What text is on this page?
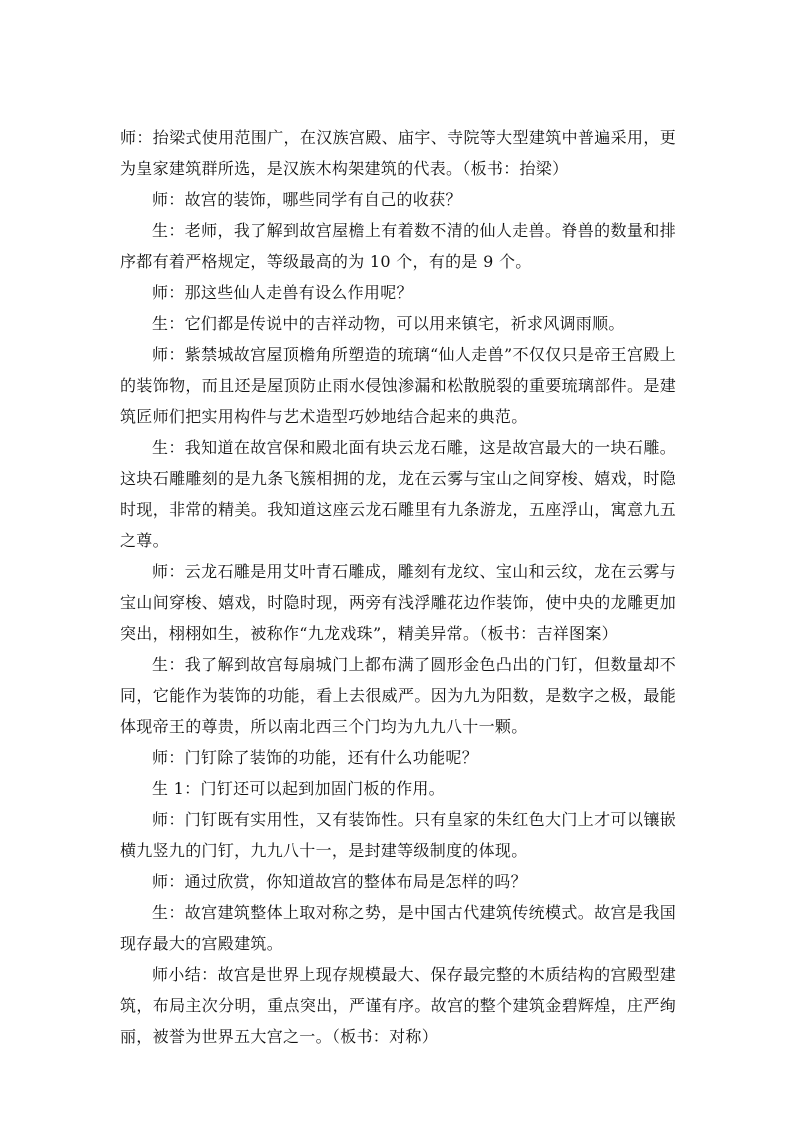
师：抬梁式使用范围广，在汉族宫殿、庙宇、寺院等大型建筑中普遍采用，更为皇家建筑群所选，是汉族木构架建筑的代表。（板书：抬梁）

师：故宫的装饰，哪些同学有自己的收获？

生：老师，我了解到故宫屋檐上有着数不清的仙人走兽。脊兽的数量和排序都有着严格规定，等级最高的为 10 个，有的是 9 个。

师：那这些仙人走兽有设么作用呢？

生：它们都是传说中的吉祥动物，可以用来镇宅，祈求风调雨顺。

师：紫禁城故宫屋顶檐角所塑造的琉璃“仙人走兽”不仅仅只是帝王宫殿上的装饰物，而且还是屋顶防止雨水侵蚀渗漏和松散脱裂的重要琉璃部件。是建筑匠师们把实用构件与艺术造型巧妙地结合起来的典范。

生：我知道在故宫保和殿北面有块云龙石雕，这是故宫最大的一块石雕。这块石雕雕刻的是九条飞簇相拥的龙，龙在云雾与宝山之间穿梭、嬉戏，时隐时现，非常的精美。我知道这座云龙石雕里有九条游龙，五座浮山，寓意九五之尊。

师：云龙石雕是用艾叶青石雕成，雕刻有龙纹、宝山和云纹，龙在云雾与宝山间穿梭、嬉戏，时隐时现，两旁有浅浮雕花边作装饰，使中央的龙雕更加突出，栩栩如生，被称作“九龙戏珠”，精美异常。（板书：吉祥图案）

生：我了解到故宫每扇城门上都布满了圆形金色凸出的门钉，但数量却不同，它能作为装饰的功能，看上去很威严。因为九为阳数，是数字之极，最能体现帝王的尊贵，所以南北西三个门均为九九八十一颗。

师：门钉除了装饰的功能，还有什么功能呢？

生 1：门钉还可以起到加固门板的作用。

师：门钉既有实用性，又有装饰性。只有皇家的朱红色大门上才可以镶嵌横九竖九的门钉，九九八十一，是封建等级制度的体现。

师：通过欣赏，你知道故宫的整体布局是怎样的吗？

生：故宫建筑整体上取对称之势，是中国古代建筑传统模式。故宫是我国现存最大的宫殿建筑。

师小结：故宫是世界上现存规模最大、保存最完整的木质结构的宫殿型建筑，布局主次分明，重点突出，严谨有序。故宫的整个建筑金碧辉煌，庄严绚丽，被誉为世界五大宫之一。（板书：对称）
